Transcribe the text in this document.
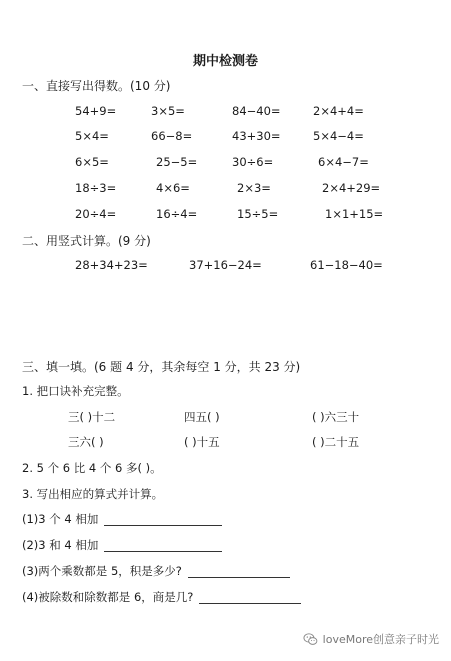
期中检测卷
一、直接写出得数。(10 分)
54+9=	3×5=	84−40=	2×4+4=
5×4=	66−8=	43+30=	5×4−4=
6×5=	25−5=	30÷6=	6×4−7=
18÷3=	4×6=	2×3=	2×4+29=
20÷4=	16÷4=	15÷5=	1×1+15=
二、用竖式计算。(9 分)
28+34+23=	37+16−24=	61−18−40=
三、填一填。(6 题 4 分，其余每空 1 分，共 23 分)
1. 把口诀补充完整。
三( )十二	四五( )	( )六三十
三六( )	( )十五	( )二十五
2. 5 个 6 比 4 个 6 多( )。
3. 写出相应的算式并计算。
(1)3 个 4 相加
(2)3 和 4 相加
(3)两个乘数都是 5，积是多少?
(4)被除数和除数都是 6，商是几?
loveMore创意亲子时光
